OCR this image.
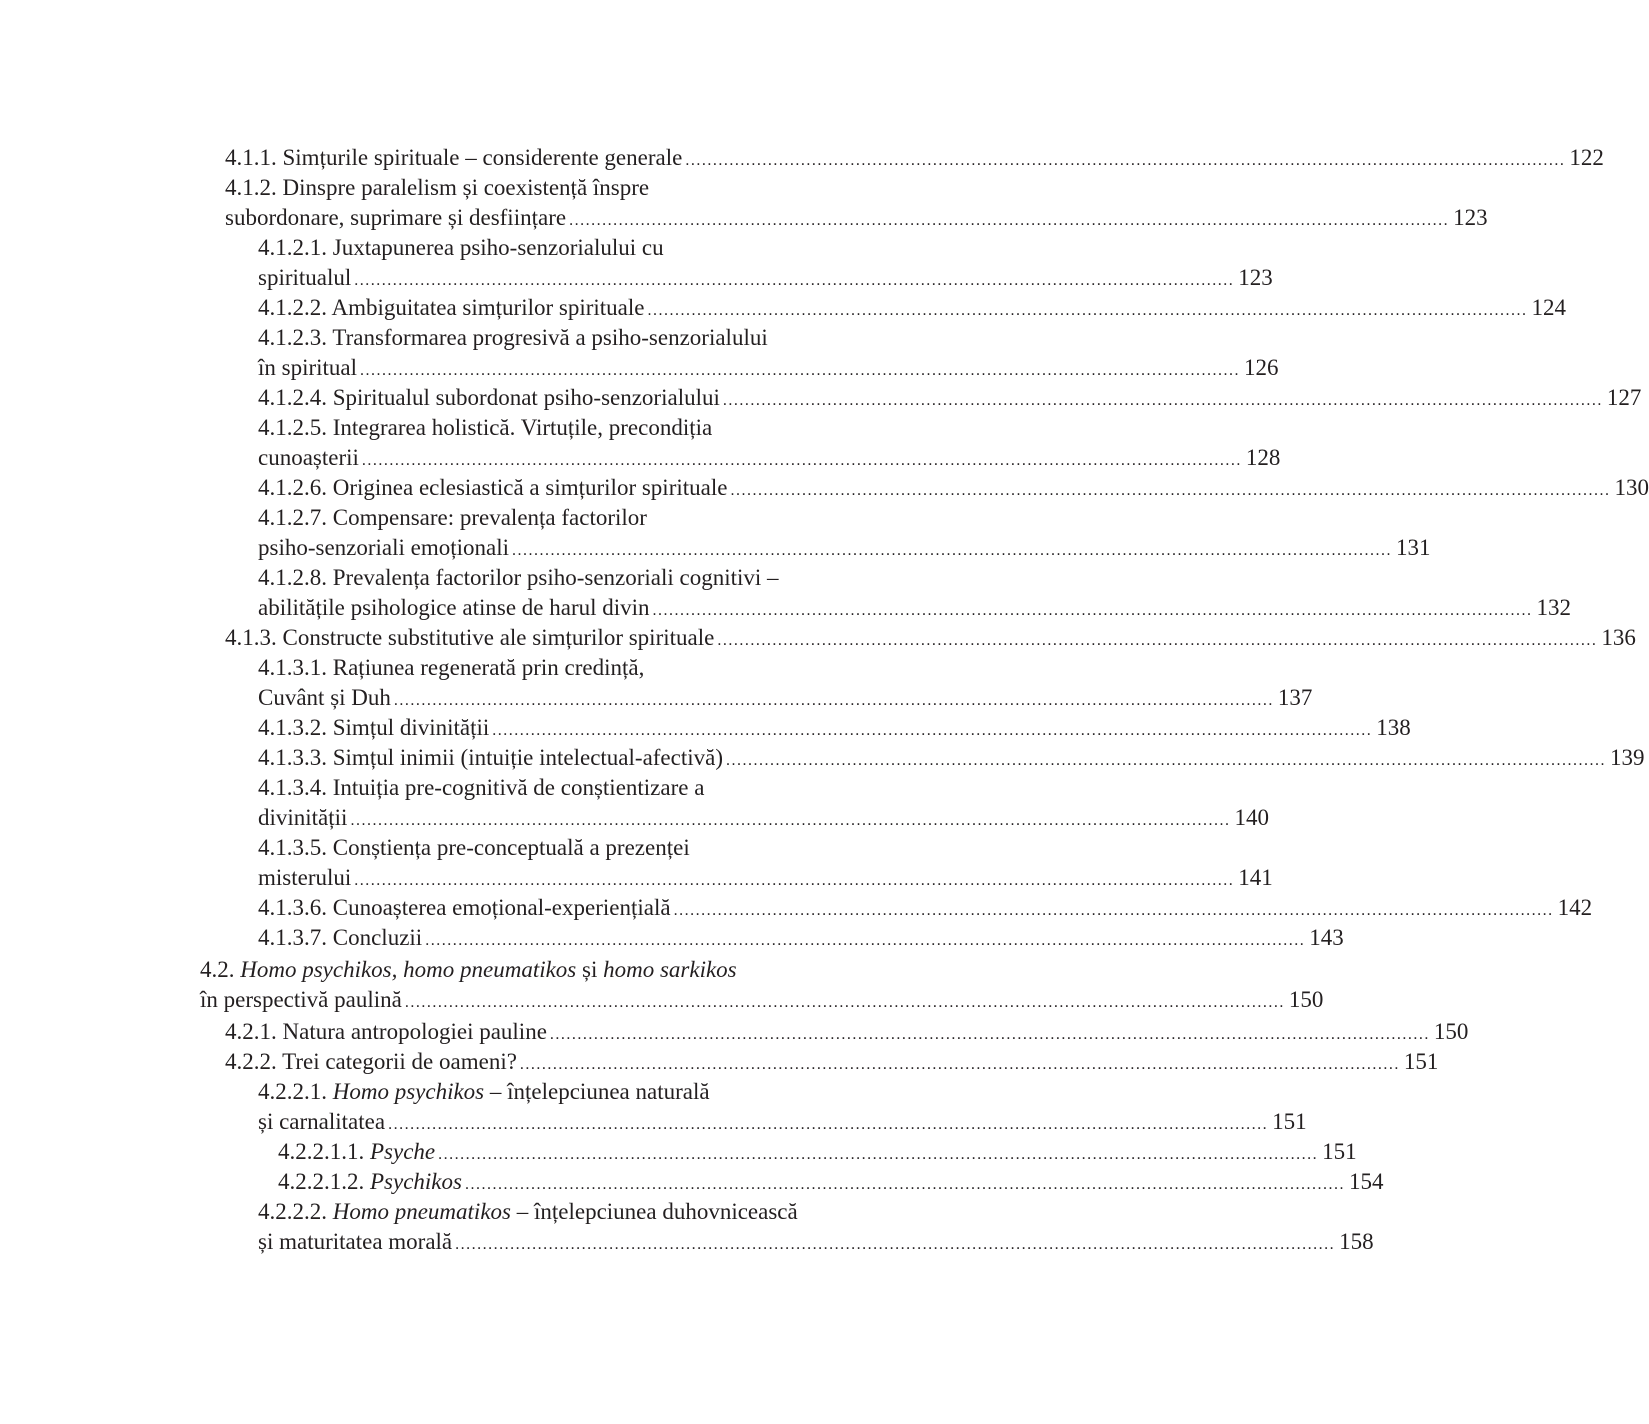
4.1.1. Simțurile spirituale – considerente generale ................................................................................................................................................................ 122
4.1.2. Dinspre paralelism și coexistență înspre
subordonare, suprimare și desființare ................................................................................................................................................................ 123
4.1.2.1. Juxtapunerea psiho-senzorialului cu
spiritualul ................................................................................................................................................................ 123
4.1.2.2. Ambiguitatea simțurilor spirituale ................................................................................................................................................................ 124
4.1.2.3. Transformarea progresivă a psiho-senzorialului
în spiritual ................................................................................................................................................................ 126
4.1.2.4. Spiritualul subordonat psiho-senzorialului ................................................................................................................................................................ 127
4.1.2.5. Integrarea holistică. Virtuțile, precondiția
cunoașterii ................................................................................................................................................................ 128
4.1.2.6. Originea eclesiastică a simțurilor spirituale ................................................................................................................................................................ 130
4.1.2.7. Compensare: prevalența factorilor
psiho-senzoriali emoționali ................................................................................................................................................................ 131
4.1.2.8. Prevalența factorilor psiho-senzoriali cognitivi –
abilitățile psihologice atinse de harul divin ................................................................................................................................................................ 132
4.1.3. Constructe substitutive ale simțurilor spirituale ................................................................................................................................................................ 136
4.1.3.1. Rațiunea regenerată prin credință,
Cuvânt și Duh ................................................................................................................................................................ 137
4.1.3.2. Simțul divinității ................................................................................................................................................................ 138
4.1.3.3. Simțul inimii (intuiție intelectual-afectivă) ................................................................................................................................................................ 139
4.1.3.4. Intuiția pre-cognitivă de conștientizare a
divinității ................................................................................................................................................................ 140
4.1.3.5. Conștiența pre-conceptuală a prezenței
misterului ................................................................................................................................................................ 141
4.1.3.6. Cunoașterea emoțional-experiențială ................................................................................................................................................................ 142
4.1.3.7. Concluzii ................................................................................................................................................................ 143
4.2. Homo psychikos, homo pneumatikos și homo sarkikos
în perspectivă paulină ................................................................................................................................................................ 150
4.2.1. Natura antropologiei pauline ................................................................................................................................................................ 150
4.2.2. Trei categorii de oameni? ................................................................................................................................................................ 151
4.2.2.1. Homo psychikos – înțelepciunea naturală
și carnalitatea ................................................................................................................................................................ 151
4.2.2.1.1. Psyche ................................................................................................................................................................ 151
4.2.2.1.2. Psychikos ................................................................................................................................................................ 154
4.2.2.2. Homo pneumatikos – înțelepciunea duhovnicească
și maturitatea morală ................................................................................................................................................................ 158
